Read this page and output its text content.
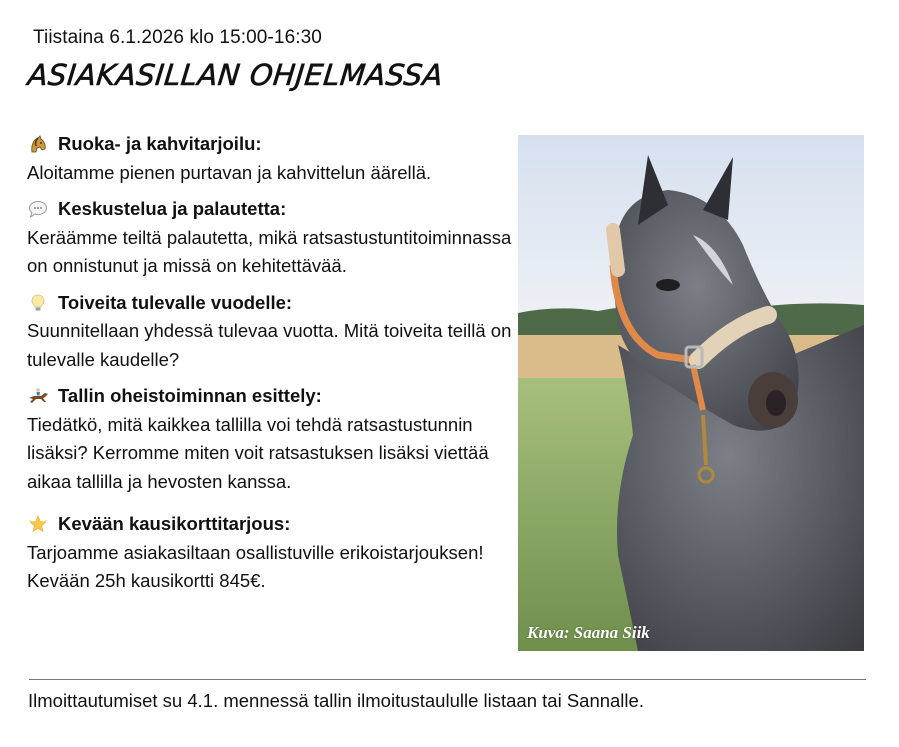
Tiistaina 6.1.2026 klo 15:00-16:30
ASIAKASILLAN OHJELMASSA
Ruoka- ja kahvitarjoilu:
Aloitamme pienen purtavan ja kahvittelun äärellä.
Keskustelua ja palautetta:
Keräämme teiltä palautetta, mikä ratsastustuntitoiminnassa on onnistunut ja missä on kehitettävää.
Toiveita tulevalle vuodelle:
Suunnitellaan yhdessä tulevaa vuotta. Mitä toiveita teillä on tulevalle kaudelle?
Tallin oheistoiminnan esittely:
Tiedätkö, mitä kaikkea tallilla voi tehdä ratsastustunnin lisäksi? Kerromme miten voit ratsastuksen lisäksi viettää aikaa tallilla ja hevosten kanssa.
Kevään kausikorttitarjous:
Tarjoamme asiakasiltaan osallistuville erikoistarjouksen! Kevään 25h kausikortti 845€.
Kuva: Saana Siik
Ilmoittautumiset su 4.1. mennessä tallin ilmoitustaululle listaan tai Sannalle.
